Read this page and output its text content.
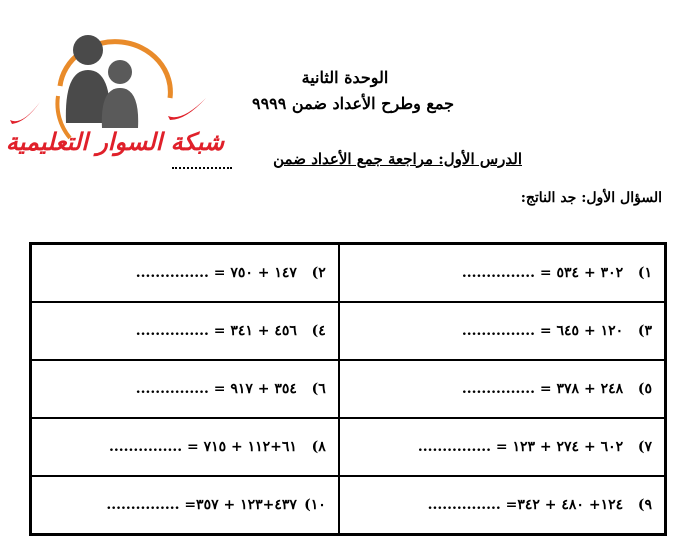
شبكة السوار التعليمية
الوحدة الثانية
جمع وطرح الأعداد ضمن ٩٩٩٩
الدرس الأول: مراجعة جمع الأعداد ضمن
السؤال الأول: جد الناتج:
٢) ١٤٧ + ٧٥٠ = ...............	١) ٣٠٢ + ٥٣٤ = ...............
٤) ٤٥٦ + ٣٤١ = ...............	٣) ١٢٠ + ٦٤٥ = ...............
٦) ٣٥٤ + ٩١٧ = ...............	٥) ٢٤٨ + ٣٧٨ = ...............
٨) ٦١+١١٢ + ٧١٥ = ...............	٧) ٦٠٢ + ٢٧٤ + ١٢٣ = ...............
١٠) ٤٣٧+١٢٣ + ٣٥٧= ...............	٩) ١٢٤+ ٤٨٠ + ٣٤٢= ...............
